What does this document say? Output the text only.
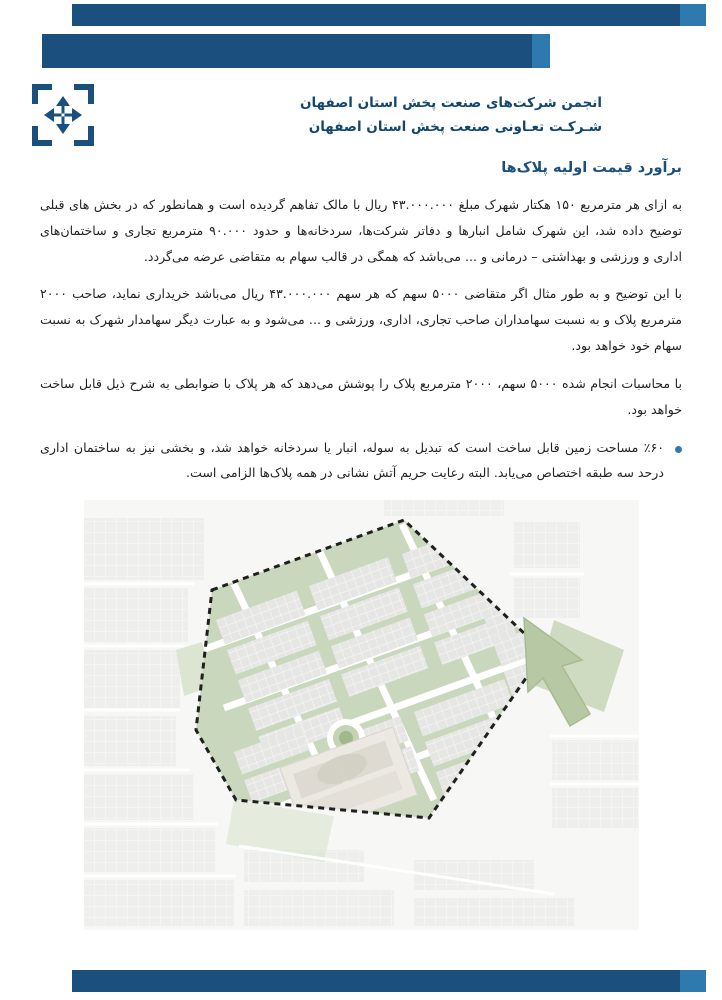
انجمن شرکت‌های صنعت پخش استان اصفهان
شـرکـت تعـاونی صنعت پخش استان اصفهان
برآورد قیمت اولیه پلاک‌ها

به ازای هر مترمربع ۱۵۰ هکتار شهرک مبلغ ۴۳.۰۰۰.۰۰۰ ریال با مالک تفاهم گردیده است و همانطور که در بخش های قبلی توضیح داده شد، این شهرک شامل انبارها و دفاتر شرکت‌ها، سردخانه‌ها و حدود ۹۰.۰۰۰ مترمربع تجاری و ساختمان‌های اداری و ورزشی و بهداشتی – درمانی و ... می‌باشد که همگی در قالب سهام به متقاضی عرضه می‌گردد.

با این توضیح و به طور مثال اگر متقاضی ۵۰۰۰ سهم که هر سهم ۴۳.۰۰۰.۰۰۰ ریال می‌باشد خریداری نماید، صاحب ۲۰۰۰ مترمربع پلاک و به نسبت سهامداران صاحب تجاری، اداری، ورزشی و ... می‌شود و به عبارت دیگر سهامدار شهرک به نسبت سهام خود خواهد بود.

با محاسبات انجام شده ۵۰۰۰ سهم، ۲۰۰۰ مترمربع پلاک را پوشش می‌دهد که هر پلاک با ضوابطی به شرح ذیل قابل ساخت خواهد بود.

٪۶۰ مساحت زمین قابل ساخت است که تبدیل به سوله، انبار یا سردخانه خواهد شد، و بخشی نیز به ساختمان اداری درحد سه طبقه اختصاص می‌یابد. البته رعایت حریم آتش نشانی در همه پلاک‌ها الزامی است.
